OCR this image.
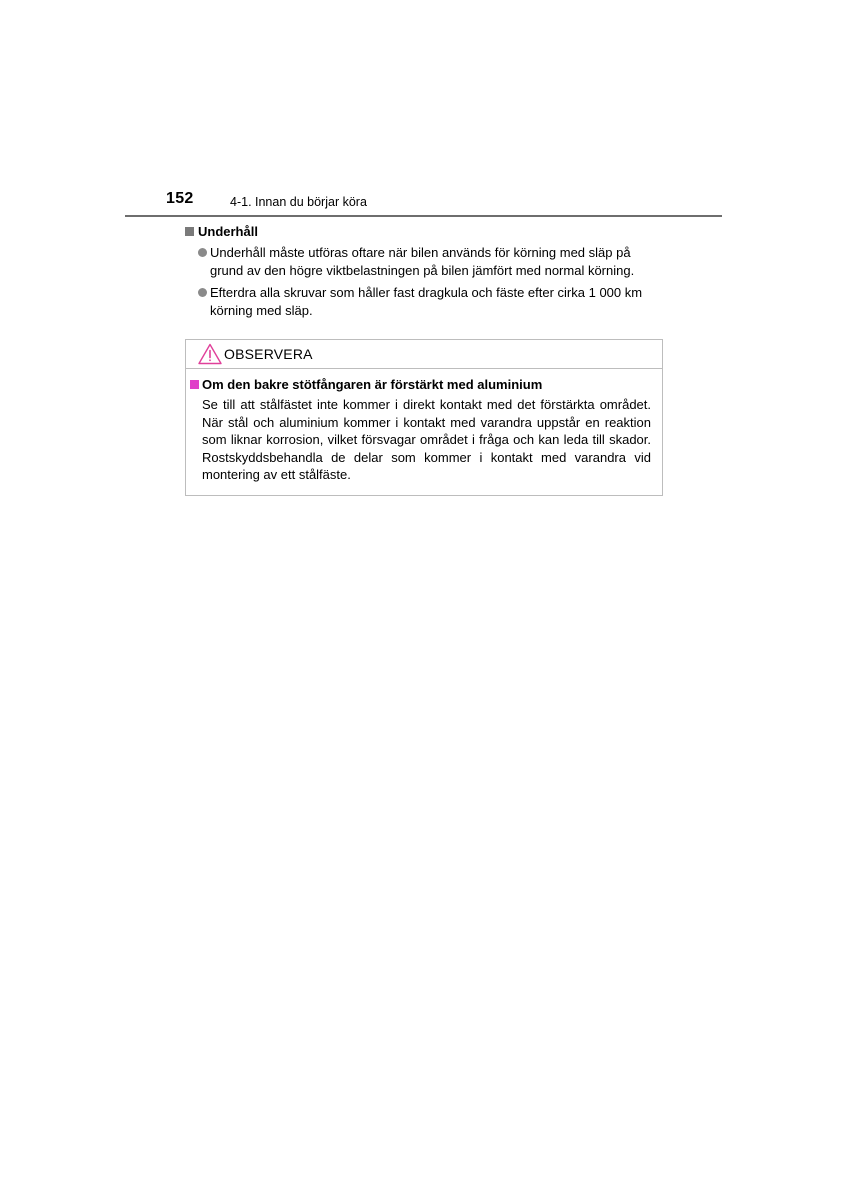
152	4-1. Innan du börjar köra
Underhåll
Underhåll måste utföras oftare när bilen används för körning med släp på
grund av den högre viktbelastningen på bilen jämfört med normal körning.
Efterdra alla skruvar som håller fast dragkula och fäste efter cirka 1 000 km
körning med släp.
OBSERVERA
Om den bakre stötfångaren är förstärkt med aluminium
Se till att stålfästet inte kommer i direkt kontakt med det förstärkta området. När stål och aluminium kommer i kontakt med varandra uppstår en reaktion som liknar korrosion, vilket försvagar området i fråga och kan leda till skador. Rostskyddsbehandla de delar som kommer i kontakt med varandra vid montering av ett stålfäste.
